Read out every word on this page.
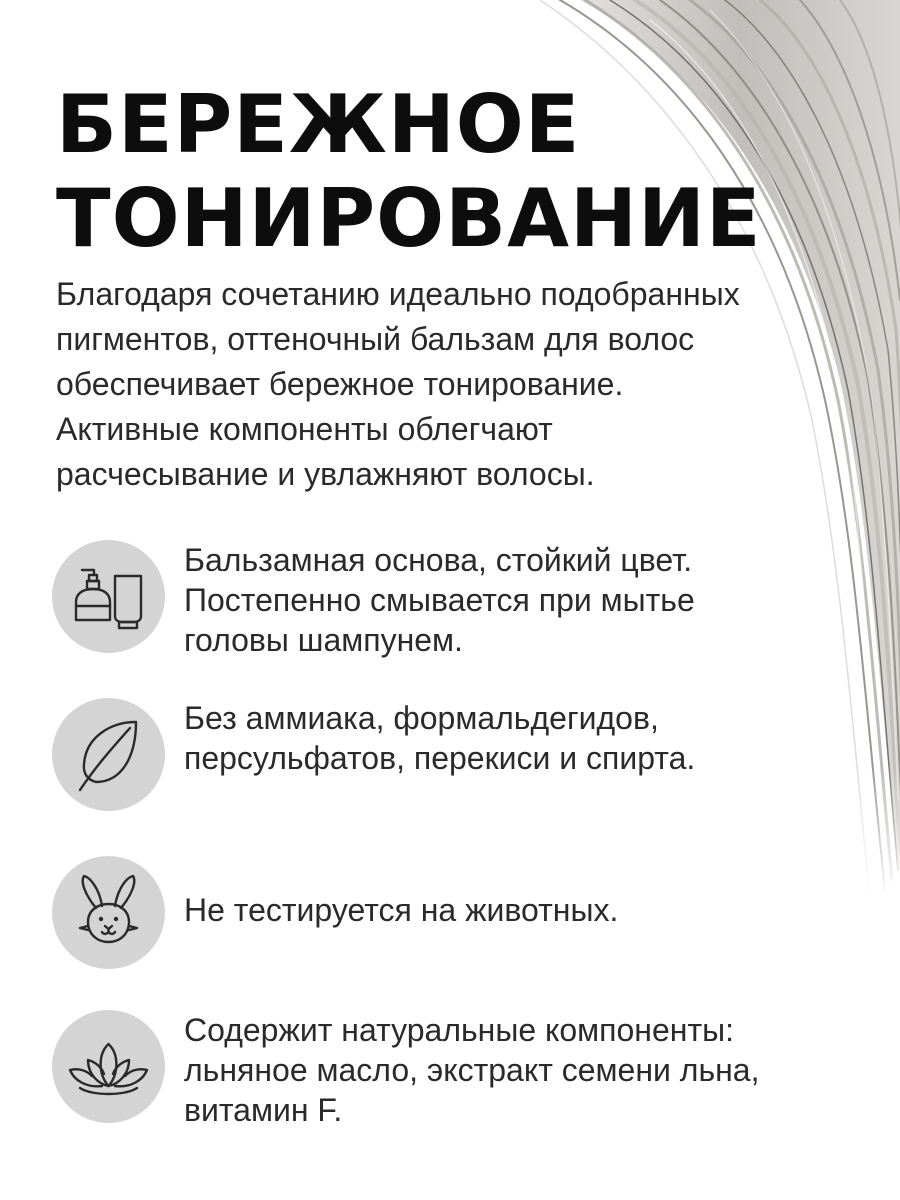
БЕРЕЖНОЕ
ТОНИРОВАНИЕ

Благодаря сочетанию идеально подобранных
пигментов, оттеночный бальзам для волос
обеспечивает бережное тонирование.
Активные компоненты облегчают
расчесывание и увлажняют волосы.

Бальзамная основа, стойкий цвет.
Постепенно смывается при мытье
головы шампунем.
Без аммиака, формальдегидов,
персульфатов, перекиси и спирта.
Не тестируется на животных.
Содержит натуральные компоненты:
льняное масло, экстракт семени льна,
витамин F.
